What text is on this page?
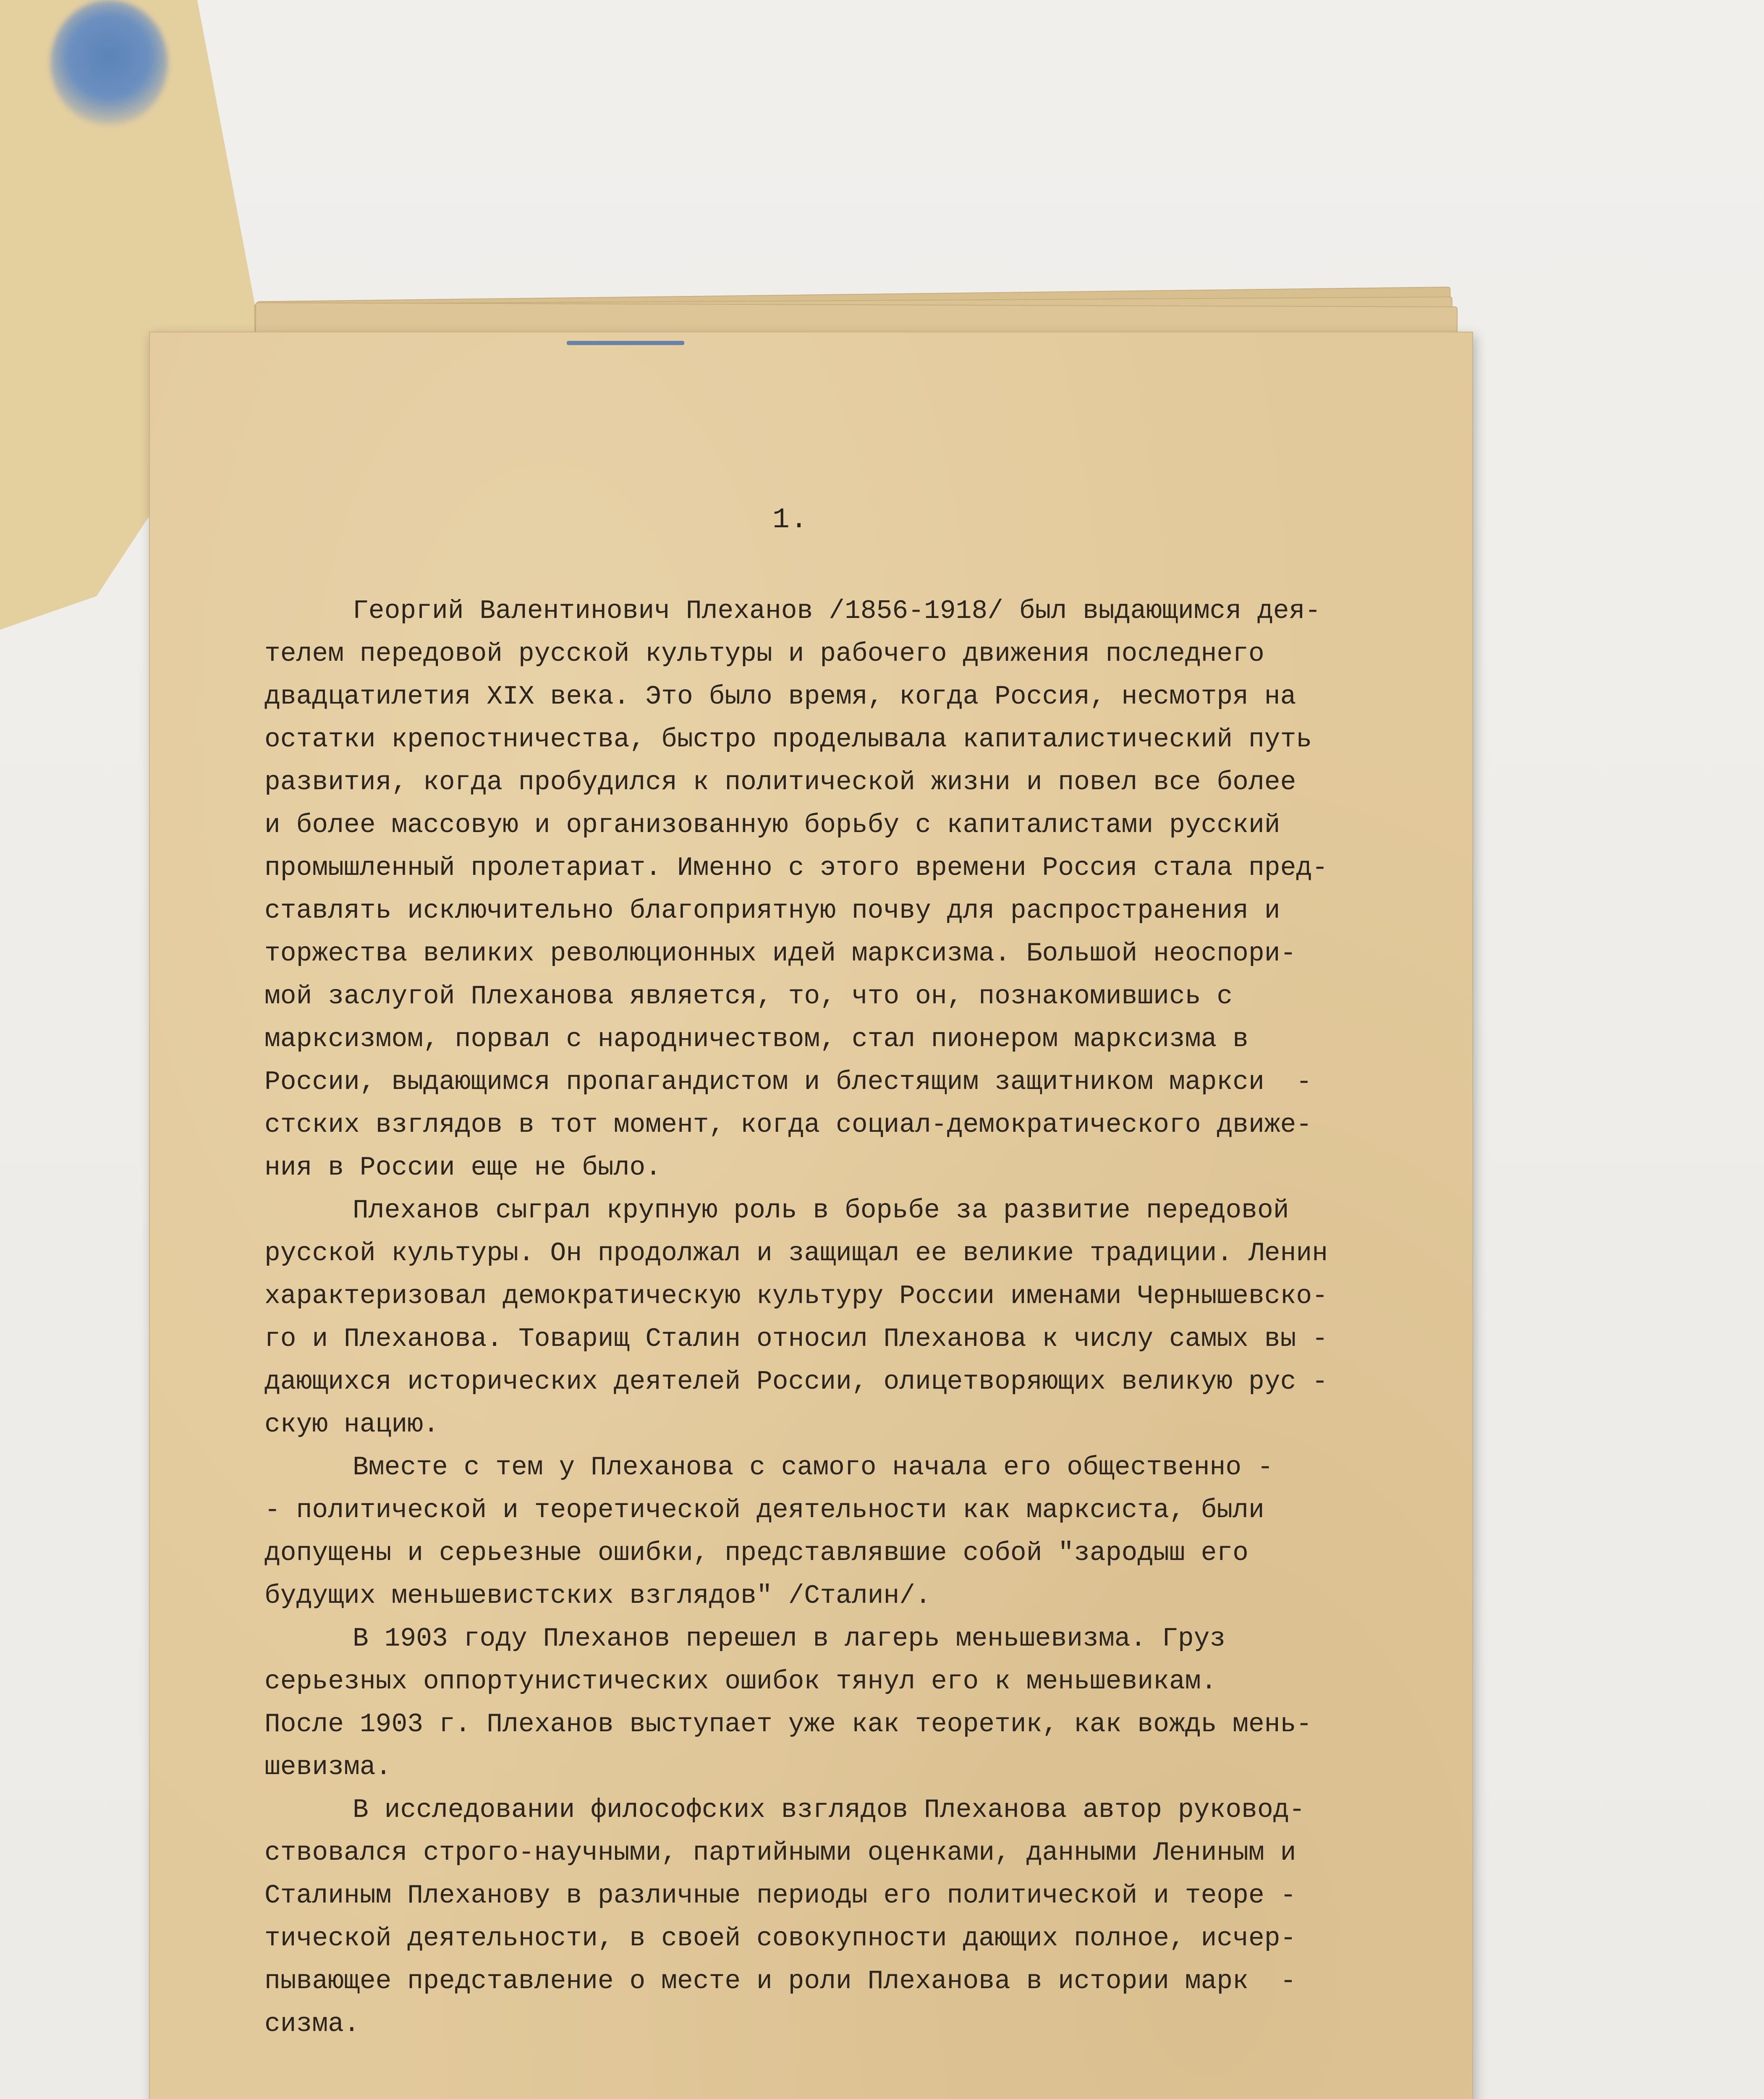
1.
Георгий Валентинович Плеханов /1856-1918/ был выдающимся дея-
телем передовой русской культуры и рабочего движения последнего
двадцатилетия XIX века. Это было время, когда Россия, несмотря на
остатки крепостничества, быстро проделывала капиталистический путь
развития, когда пробудился к политической жизни и повел все более
и более массовую и организованную борьбу с капиталистами русский
промышленный пролетариат. Именно с этого времени Россия стала пред-
ставлять исключительно благоприятную почву для распространения и
торжества великих революционных идей марксизма. Большой неоспори-
мой заслугой Плеханова является, то, что он, познакомившись с
марксизмом, порвал с народничеством, стал пионером марксизма в
России, выдающимся пропагандистом и блестящим защитником маркси  -
стских взглядов в тот момент, когда социал-демократического движе-
ния в России еще не было.
Плеханов сыграл крупную роль в борьбе за развитие передовой
русской культуры. Он продолжал и защищал ее великие традиции. Ленин
характеризовал демократическую культуру России именами Чернышевско-
го и Плеханова. Товарищ Сталин относил Плеханова к числу самых вы -
дающихся исторических деятелей России, олицетворяющих великую рус -
скую нацию.
Вместе с тем у Плеханова с самого начала его общественно -
- политической и теоретической деятельности как марксиста, были
допущены и серьезные ошибки, представлявшие собой "зародыш его
будущих меньшевистских взглядов" /Сталин/.
В 1903 году Плеханов перешел в лагерь меньшевизма. Груз
серьезных оппортунистических ошибок тянул его к меньшевикам.
После 1903 г. Плеханов выступает уже как теоретик, как вождь мень-
шевизма.
В исследовании философских взглядов Плеханова автор руковод-
ствовался строго-научными, партийными оценками, данными Лениным и
Сталиным Плеханову в различные периоды его политической и теоре -
тической деятельности, в своей совокупности дающих полное, исчер-
пывающее представление о месте и роли Плеханова в истории марк  -
сизма.
